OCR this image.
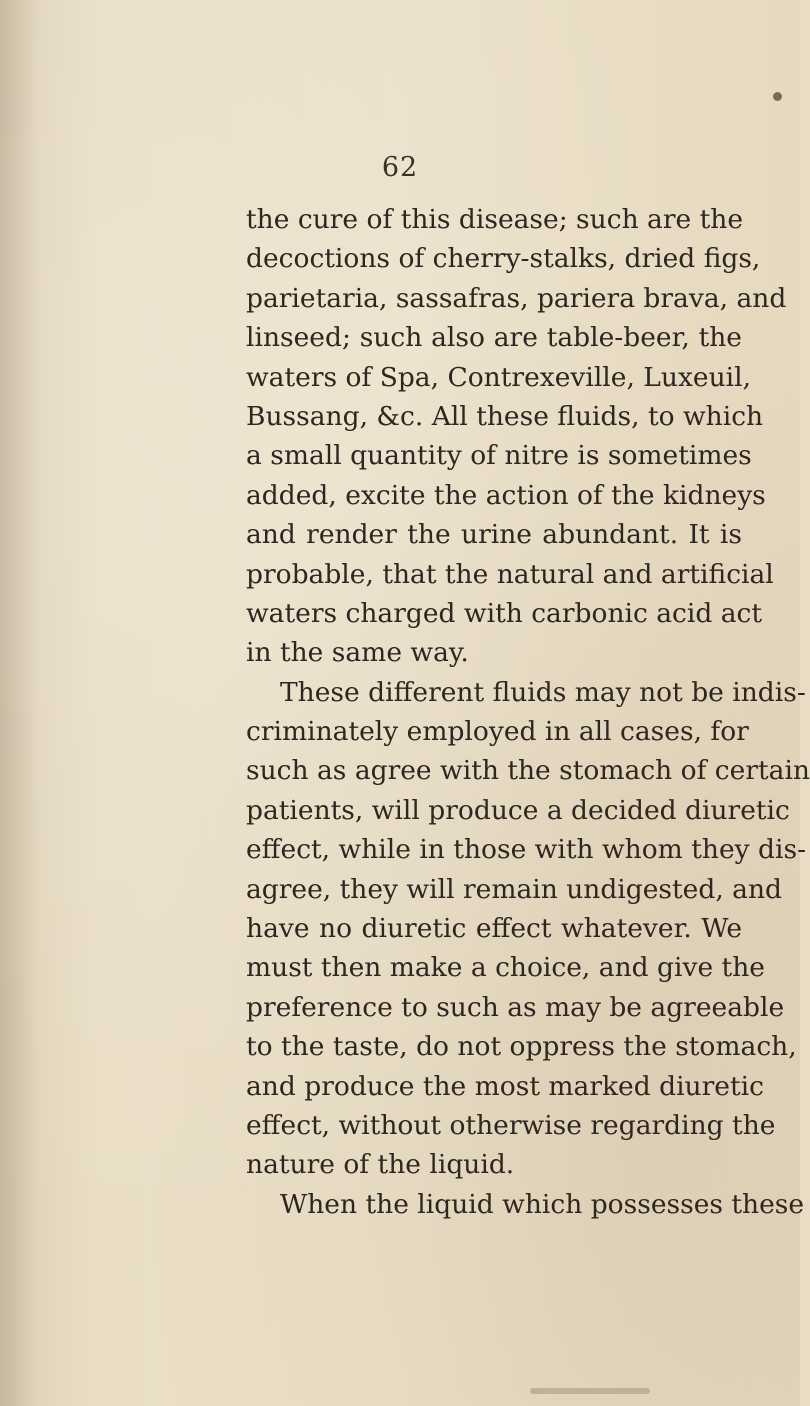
62
the cure of this disease; such are the
decoctions of cherry-stalks, dried figs,
parietaria, sassafras, pariera brava, and
linseed; such also are table-beer, the
waters of Spa, Contrexeville, Luxeuil,
Bussang, &c. All these fluids, to which
a small quantity of nitre is sometimes
added, excite the action of the kidneys
and render the urine abundant. It is
probable, that the natural and artificial
waters charged with carbonic acid act
in the same way.
These different fluids may not be indis-
criminately employed in all cases, for
such as agree with the stomach of certain
patients, will produce a decided diuretic
effect, while in those with whom they dis-
agree, they will remain undigested, and
have no diuretic effect whatever. We
must then make a choice, and give the
preference to such as may be agreeable
to the taste, do not oppress the stomach,
and produce the most marked diuretic
effect, without otherwise regarding the
nature of the liquid.
When the liquid which possesses these
